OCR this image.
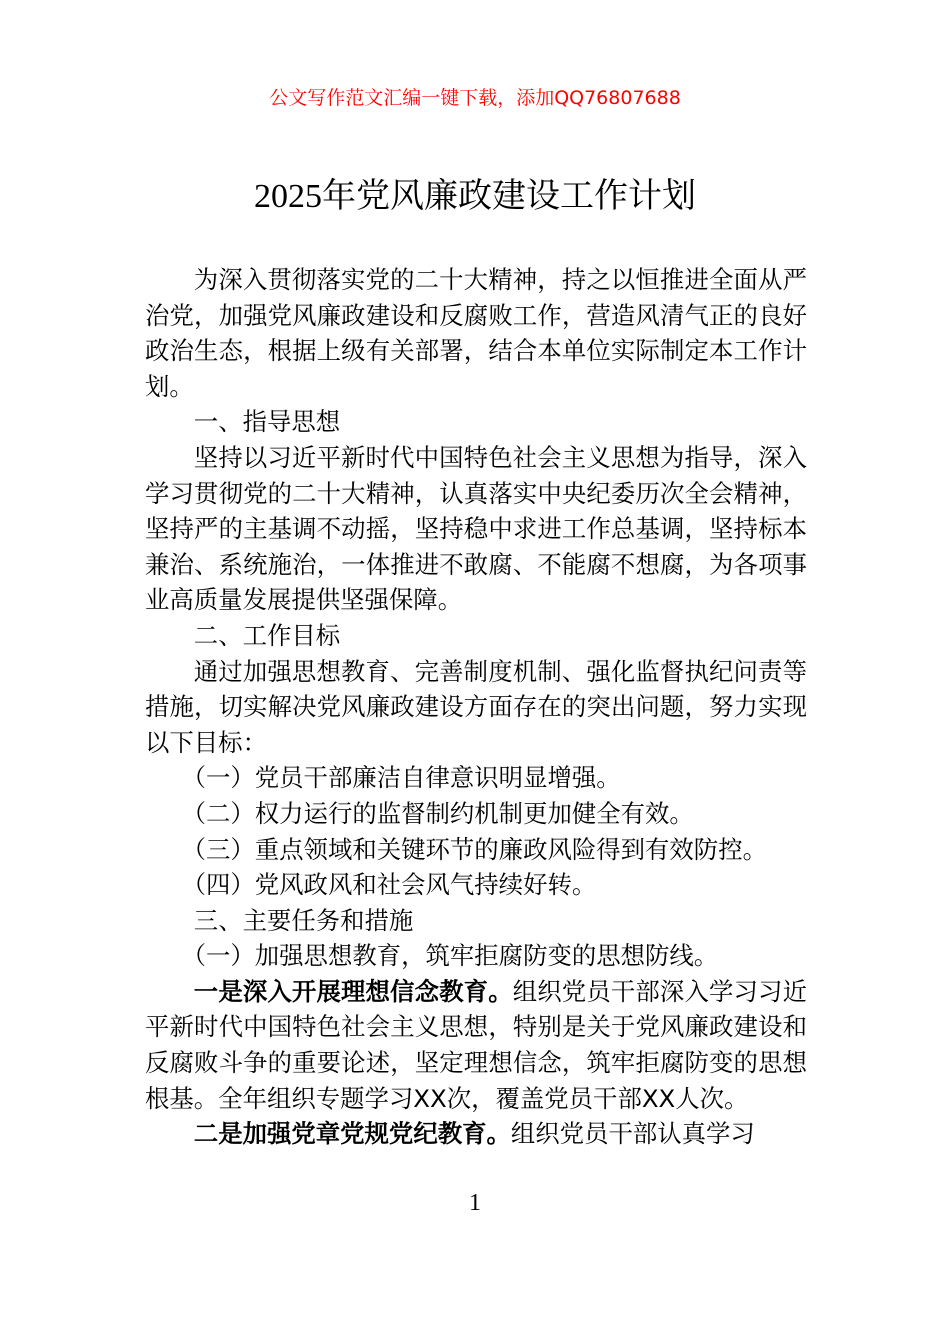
公文写作范文汇编一键下载，添加QQ76807688
2025年党风廉政建设工作计划

为深入贯彻落实党的二十大精神，持之以恒推进全面从严治党，加强党风廉政建设和反腐败工作，营造风清气正的良好政治生态，根据上级有关部署，结合本单位实际制定本工作计划。

一、指导思想

坚持以习近平新时代中国特色社会主义思想为指导，深入学习贯彻党的二十大精神，认真落实中央纪委历次全会精神，坚持严的主基调不动摇，坚持稳中求进工作总基调，坚持标本兼治、系统施治，一体推进不敢腐、不能腐不想腐，为各项事业高质量发展提供坚强保障。

二、工作目标

通过加强思想教育、完善制度机制、强化监督执纪问责等措施，切实解决党风廉政建设方面存在的突出问题，努力实现以下目标：

（一）党员干部廉洁自律意识明显增强。

（二）权力运行的监督制约机制更加健全有效。

（三）重点领域和关键环节的廉政风险得到有效防控。

（四）党风政风和社会风气持续好转。

三、主要任务和措施

（一）加强思想教育，筑牢拒腐防变的思想防线。

一是深入开展理想信念教育。组织党员干部深入学习习近平新时代中国特色社会主义思想，特别是关于党风廉政建设和反腐败斗争的重要论述，坚定理想信念，筑牢拒腐防变的思想根基。全年组织专题学习XX次，覆盖党员干部XX人次。

二是加强党章党规党纪教育。组织党员干部认真学习

1
